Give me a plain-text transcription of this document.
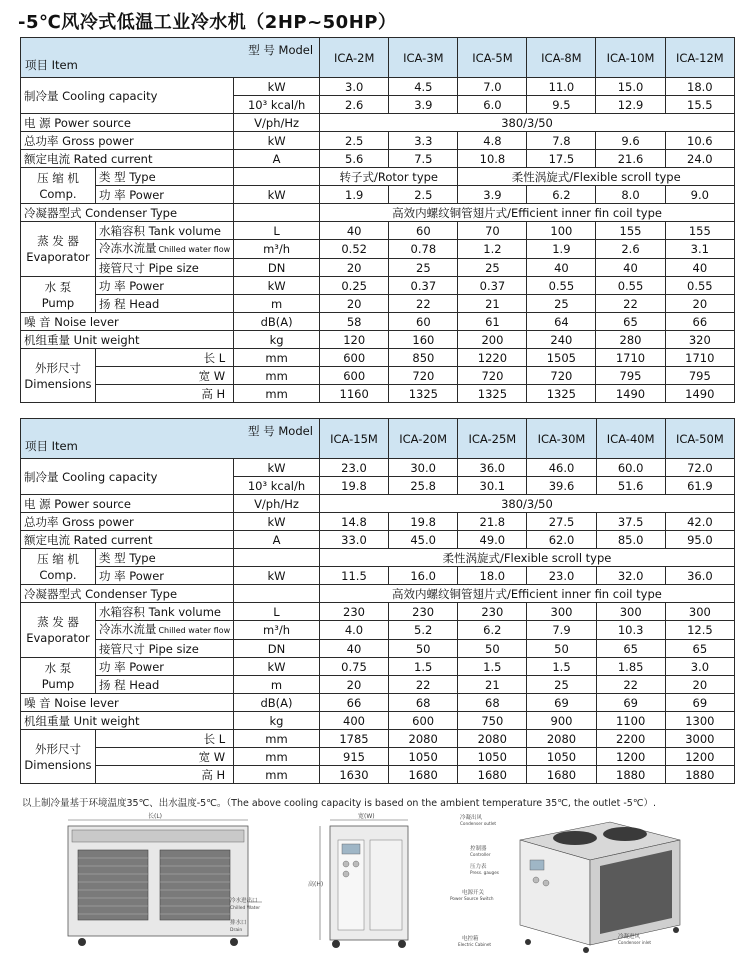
-5℃风冷式低温工业冷水机（2HP~50HP）
型 号 Model
项目 Item			ICA-2M	ICA-3M	ICA-5M	ICA-8M	ICA-10M	ICA-12M
制冷量 Cooling capacity		kW	3.0	4.5	7.0	11.0	15.0	18.0
		10³ kcal/h	2.6	3.9	6.0	9.5	12.9	15.5
电 源 Power source		V/ph/Hz	380/3/50					
总功率 Gross power		kW	2.5	3.3	4.8	7.8	9.6	10.6
额定电流 Rated current		A	5.6	7.5	10.8	17.5	21.6	24.0
压 缩 机
Comp.	类 型 Type		转子式/Rotor type		柔性涡旋式/Flexible scroll type			
	功 率 Power	kW	1.9	2.5	3.9	6.2	8.0	9.0
冷凝器型式 Condenser Type			高效内螺纹铜管翅片式/Efficient inner fin coil type					
蒸 发 器
Evaporator	水箱容积 Tank volume	L	40	60	70	100	155	155
	冷冻水流量 Chilled water flow	m³/h	0.52	0.78	1.2	1.9	2.6	3.1
	接管尺寸 Pipe size	DN	20	25	25	40	40	40
水 泵
Pump	功 率 Power	kW	0.25	0.37	0.37	0.55	0.55	0.55
	扬 程 Head	m	20	22	21	25	22	20
噪 音 Noise lever		dB(A)	58	60	61	64	65	66
机组重量 Unit weight		kg	120	160	200	240	280	320
外形尺寸
Dimensions	长 L	mm	600	850	1220	1505	1710	1710
	宽 W	mm	600	720	720	720	795	795
	高 H	mm	1160	1325	1325	1325	1490	1490
型 号 Model
项目 Item			ICA-15M	ICA-20M	ICA-25M	ICA-30M	ICA-40M	ICA-50M
制冷量 Cooling capacity		kW	23.0	30.0	36.0	46.0	60.0	72.0
		10³ kcal/h	19.8	25.8	30.1	39.6	51.6	61.9
电 源 Power source		V/ph/Hz	380/3/50					
总功率 Gross power		kW	14.8	19.8	21.8	27.5	37.5	42.0
额定电流 Rated current		A	33.0	45.0	49.0	62.0	85.0	95.0
压 缩 机
Comp.	类 型 Type		柔性涡旋式/Flexible scroll type					
	功 率 Power	kW	11.5	16.0	18.0	23.0	32.0	36.0
冷凝器型式 Condenser Type			高效内螺纹铜管翅片式/Efficient inner fin coil type					
蒸 发 器
Evaporator	水箱容积 Tank volume	L	230	230	230	300	300	300
	冷冻水流量 Chilled water flow	m³/h	4.0	5.2	6.2	7.9	10.3	12.5
	接管尺寸 Pipe size	DN	40	50	50	50	65	65
水 泵
Pump	功 率 Power	kW	0.75	1.5	1.5	1.5	1.85	3.0
	扬 程 Head	m	20	22	21	25	22	20
噪 音 Noise lever		dB(A)	66	68	68	69	69	69
机组重量 Unit weight		kg	400	600	750	900	1100	1300
外形尺寸
Dimensions	长 L	mm	1785	2080	2080	2080	2200	3000
	宽 W	mm	915	1050	1050	1050	1200	1200
	高 H	mm	1630	1680	1680	1680	1880	1880
以上制冷量基于环境温度35℃、出水温度-5℃。（The above cooling capacity is based on the ambient temperature 35℃, the outlet -5℃）.
长(L)
冷水进出口
Chilled Water
排水口
Drain
宽(W)
高(H)
冷凝出风
Condenser outlet
控制器
Controller
压力表
Press. gauges
电源开关
Power Source Switch
电控箱
Electric Cabinet
冷凝进风
Condenser inlet
